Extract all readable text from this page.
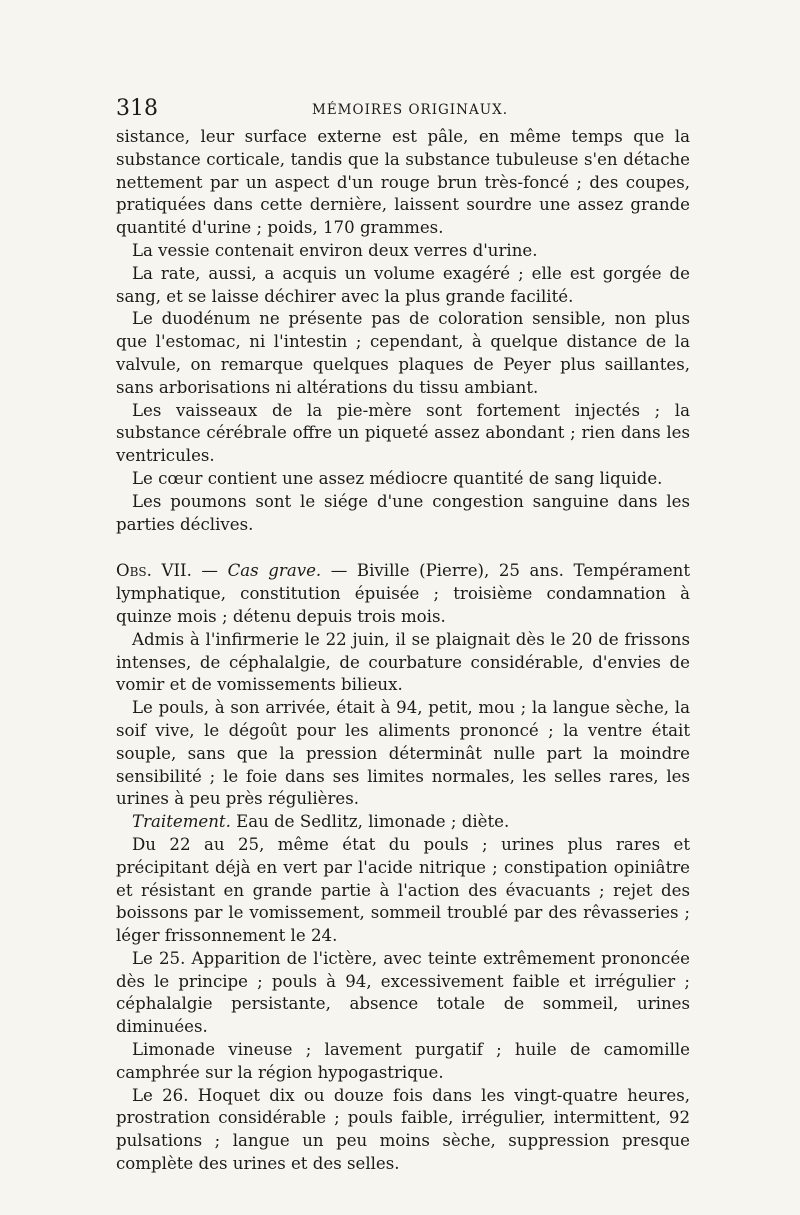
318	MÉMOIRES ORIGINAUX.

sistance, leur surface externe est pâle, en même temps que la substance corticale, tandis que la substance tubuleuse s'en détache nettement par un aspect d'un rouge brun très-foncé ; des coupes, pratiquées dans cette dernière, laissent sourdre une assez grande quantité d'urine ; poids, 170 grammes.

La vessie contenait environ deux verres d'urine.

La rate, aussi, a acquis un volume exagéré ; elle est gorgée de sang, et se laisse déchirer avec la plus grande facilité.

Le duodénum ne présente pas de coloration sensible, non plus que l'estomac, ni l'intestin ; cependant, à quelque distance de la valvule, on remarque quelques plaques de Peyer plus saillantes, sans arborisations ni altérations du tissu ambiant.

Les vaisseaux de la pie-mère sont fortement injectés ; la substance cérébrale offre un piqueté assez abondant ; rien dans les ventricules.

Le cœur contient une assez médiocre quantité de sang liquide.

Les poumons sont le siége d'une congestion sanguine dans les parties déclives.

Obs. VII. — Cas grave. — Biville (Pierre), 25 ans. Tempérament lymphatique, constitution épuisée ; troisième condamnation à quinze mois ; détenu depuis trois mois.

Admis à l'infirmerie le 22 juin, il se plaignait dès le 20 de frissons intenses, de céphalalgie, de courbature considérable, d'envies de vomir et de vomissements bilieux.

Le pouls, à son arrivée, était à 94, petit, mou ; la langue sèche, la soif vive, le dégoût pour les aliments prononcé ; la ventre était souple, sans que la pression déterminât nulle part la moindre sensibilité ; le foie dans ses limites normales, les selles rares, les urines à peu près régulières.

Traitement. Eau de Sedlitz, limonade ; diète.

Du 22 au 25, même état du pouls ; urines plus rares et précipitant déjà en vert par l'acide nitrique ; constipation opiniâtre et résistant en grande partie à l'action des évacuants ; rejet des boissons par le vomissement, sommeil troublé par des rêvasseries ; léger frissonnement le 24.

Le 25. Apparition de l'ictère, avec teinte extrêmement prononcée dès le principe ; pouls à 94, excessivement faible et irrégulier ; céphalalgie persistante, absence totale de sommeil, urines diminuées.

Limonade vineuse ; lavement purgatif ; huile de camomille camphrée sur la région hypogastrique.

Le 26. Hoquet dix ou douze fois dans les vingt-quatre heures, prostration considérable ; pouls faible, irrégulier, intermittent, 92 pulsations ; langue un peu moins sèche, suppression presque complète des urines et des selles.
